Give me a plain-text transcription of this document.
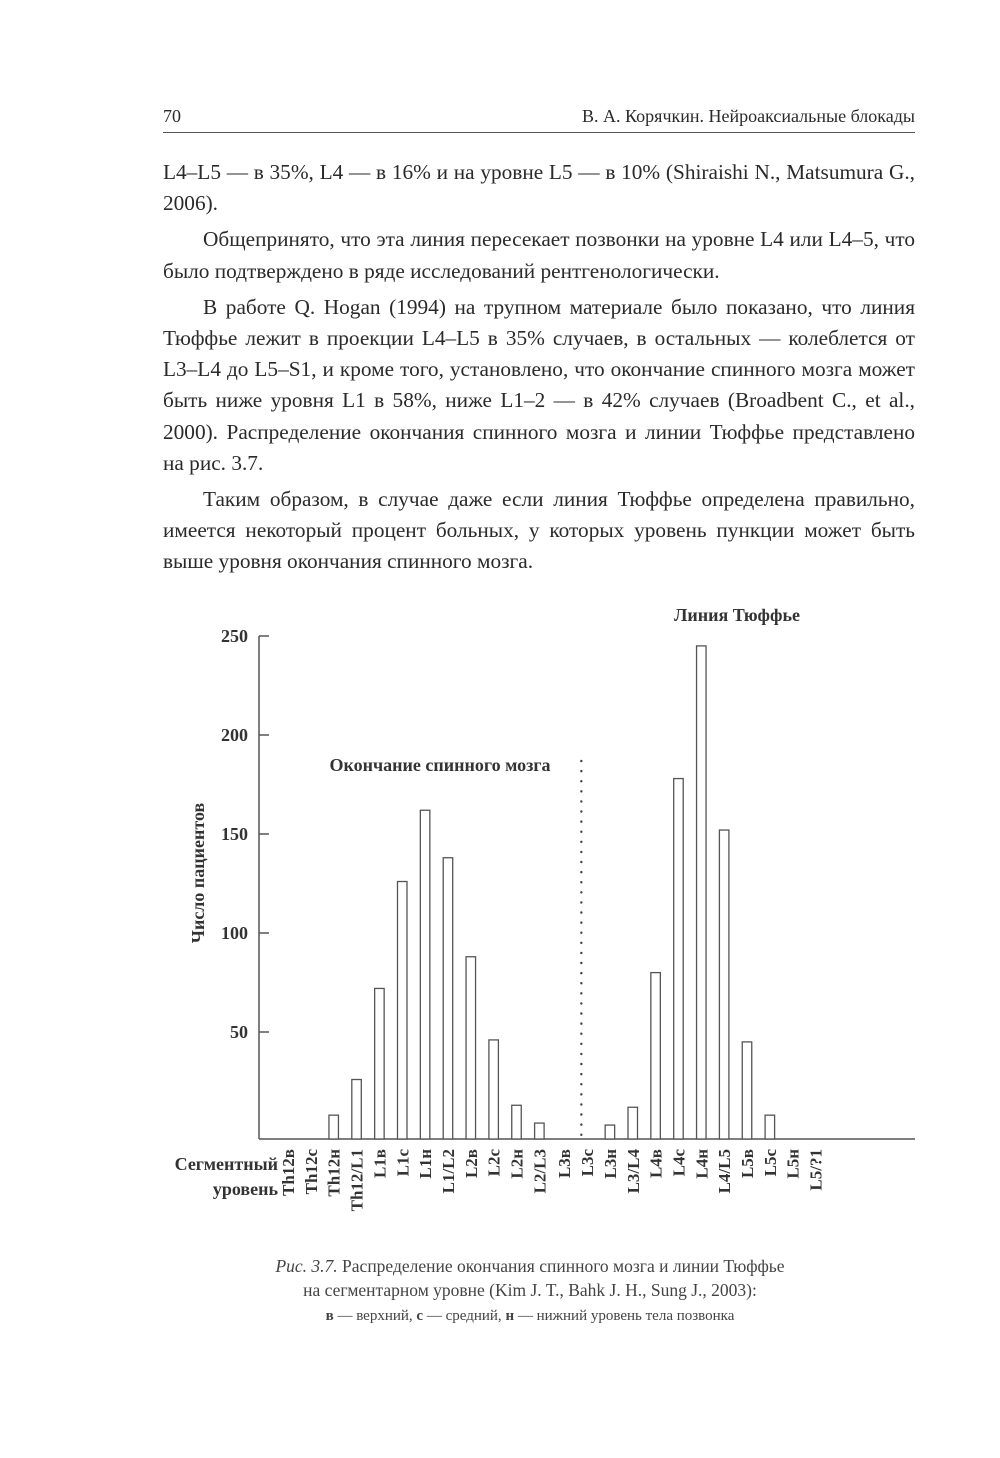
70	В. А. Корячкин. Нейроаксиальные блокады

L4–L5 — в 35%, L4 — в 16% и на уровне L5 — в 10% (Shiraishi N., Matsumura G., 2006).

Общепринято, что эта линия пересекает позвонки на уровне L4 или L4–5, что было подтверждено в ряде исследований рентгенологически.

В работе Q. Hogan (1994) на трупном материале было показано, что линия Тюффье лежит в проекции L4–L5 в 35% случаев, в остальных — колеблется от L3–L4 до L5–S1, и кроме того, установлено, что окончание спинного мозга может быть ниже уровня L1 в 58%, ниже L1–2 — в 42% случаев (Broadbent C., et al., 2000). Распределение окончания спинного мозга и линии Тюффье представлено на рис. 3.7.

Таким образом, в случае даже если линия Тюффье определена правильно, имеется некоторый процент больных, у которых уровень пункции может быть выше уровня окончания спинного мозга.

Th12в Th12с Th12н Th12/L1 L1в L1с L1н L1/L2 L2в L2с L2н L2/L3 L3в L3с L3н L3/L4 L4в L4с L4н L4/L5 L5в L5с L5н L5/?1
50
100
150
200
250
Число пациентов
Сегментный
уровень
Окончание спинного мозга
Линия Тюффье
Рис. 3.7. Распределение окончания спинного мозга и линии Тюффье
на сегментарном уровне (Kim J. T., Bahk J. H., Sung J., 2003):
в — верхний, с — средний, н — нижний уровень тела позвонка
